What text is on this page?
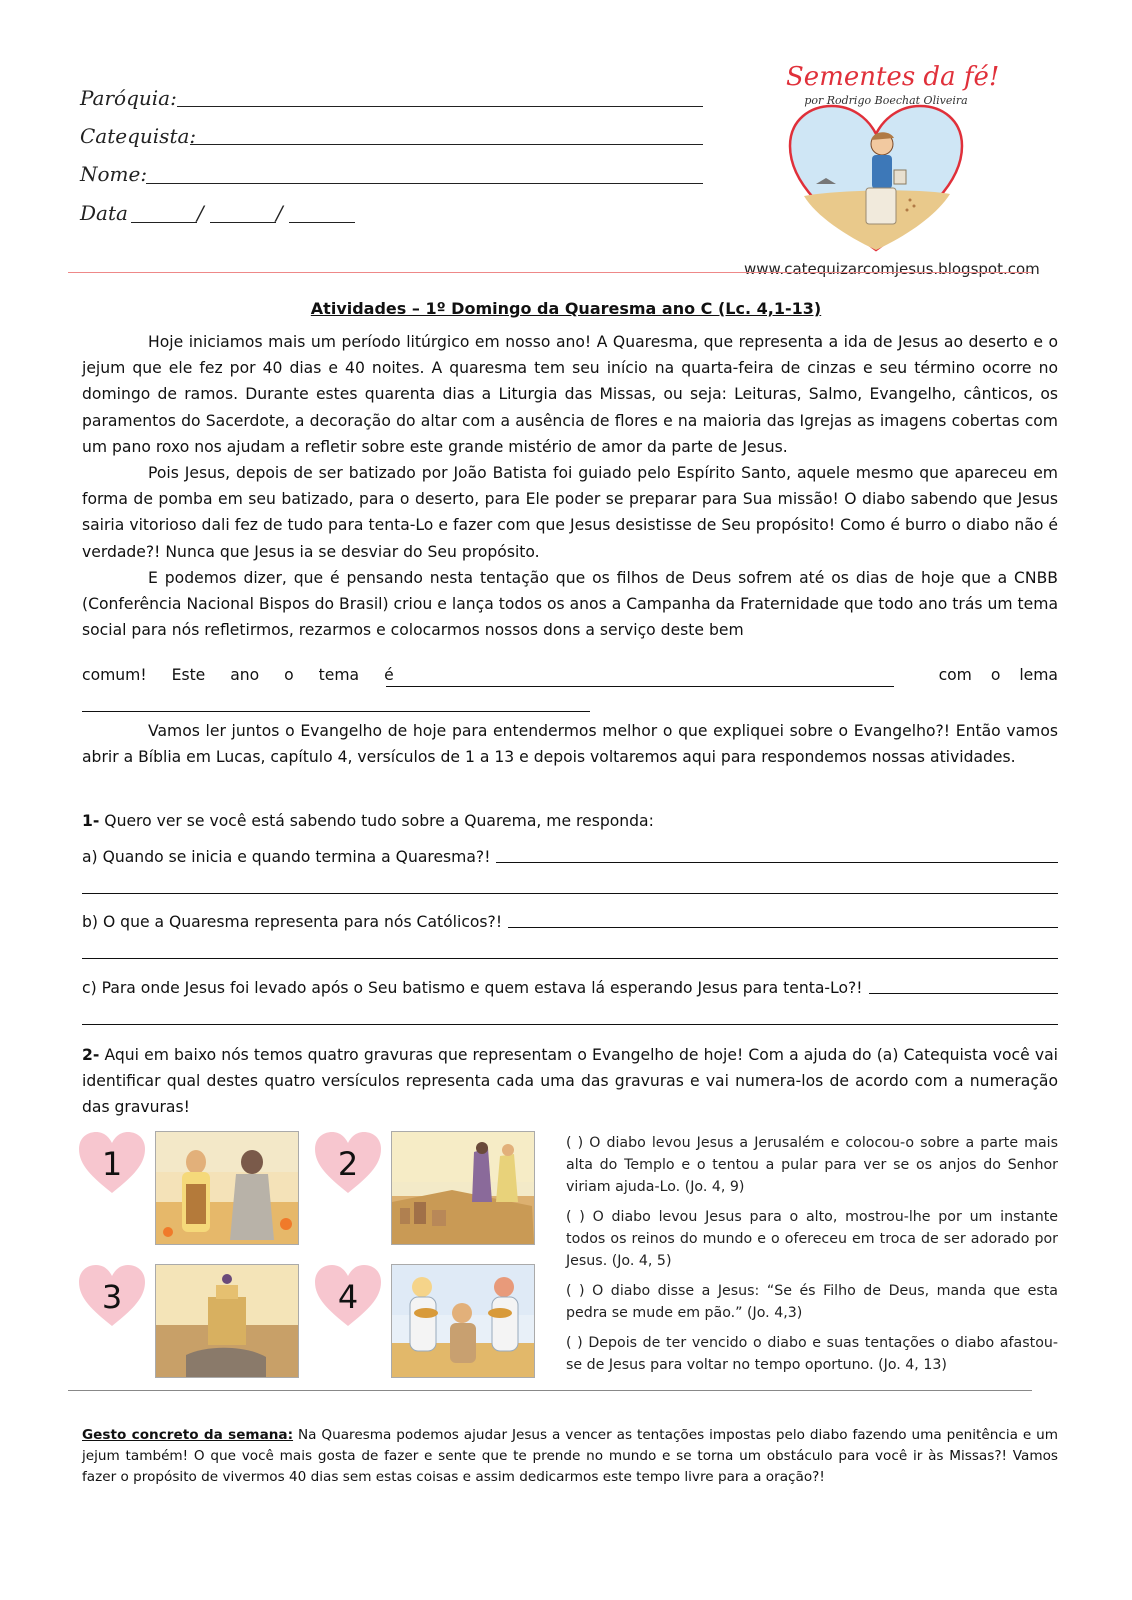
Paróquia:
Catequista:
Nome:
Data	/	/
Sementes da fé!
por Rodrigo Boechat Oliveira
www.catequizarcomjesus.blogspot.com
Atividades – 1º Domingo da Quaresma ano C (Lc. 4,1-13)

Hoje iniciamos mais um período litúrgico em nosso ano! A Quaresma, que representa a ida de Jesus ao deserto e o jejum que ele fez por 40 dias e 40 noites. A quaresma tem seu início na quarta-feira de cinzas e seu término ocorre no domingo de ramos. Durante estes quarenta dias a Liturgia das Missas, ou seja: Leituras, Salmo, Evangelho, cânticos, os paramentos do Sacerdote, a decoração do altar com a ausência de flores e na maioria das Igrejas as imagens cobertas com um pano roxo nos ajudam a refletir sobre este grande mistério de amor da parte de Jesus.

Pois Jesus, depois de ser batizado por João Batista foi guiado pelo Espírito Santo, aquele mesmo que apareceu em forma de pomba em seu batizado, para o deserto, para Ele poder se preparar para Sua missão! O diabo sabendo que Jesus sairia vitorioso dali fez de tudo para tenta-Lo e fazer com que Jesus desistisse de Seu propósito! Como é burro o diabo não é verdade?! Nunca que Jesus ia se desviar do Seu propósito.

E podemos dizer, que é pensando nesta tentação que os filhos de Deus sofrem até os dias de hoje que a CNBB (Conferência Nacional Bispos do Brasil) criou e lança todos os anos a Campanha da Fraternidade que todo ano trás um tema social para nós refletirmos, rezarmos e colocarmos nossos dons a serviço deste bem

comum! Este ano o tema é	com o lema

Vamos ler juntos o Evangelho de hoje para entendermos melhor o que expliquei sobre o Evangelho?! Então vamos abrir a Bíblia em Lucas, capítulo 4, versículos de 1 a 13 e depois voltaremos aqui para respondemos nossas atividades.

1- Quero ver se você está sabendo tudo sobre a Quarema, me responda:
a) Quando se inicia e quando termina a Quaresma?!
b) O que a Quaresma representa para nós Católicos?!
c) Para onde Jesus foi levado após o Seu batismo e quem estava lá esperando Jesus para tenta-Lo?!
2- Aqui em baixo nós temos quatro gravuras que representam o Evangelho de hoje! Com a ajuda do (a) Catequista você vai identificar qual destes quatro versículos representa cada uma das gravuras e vai numera-los de acordo com a numeração das gravuras!
1	2
3	4
( ) O diabo levou Jesus a Jerusalém e colocou-o sobre a parte mais alta do Templo e o tentou a pular para ver se os anjos do Senhor viriam ajuda-Lo. (Jo. 4, 9)
( ) O diabo levou Jesus para o alto, mostrou-lhe por um instante todos os reinos do mundo e o ofereceu em troca de ser adorado por Jesus. (Jo. 4, 5)
( ) O diabo disse a Jesus: “Se és Filho de Deus, manda que esta pedra se mude em pão.” (Jo. 4,3)
( ) Depois de ter vencido o diabo e suas tentações o diabo afastou-se de Jesus para voltar no tempo oportuno. (Jo. 4, 13)
Gesto concreto da semana: Na Quaresma podemos ajudar Jesus a vencer as tentações impostas pelo diabo fazendo uma penitência e um jejum também! O que você mais gosta de fazer e sente que te prende no mundo e se torna um obstáculo para você ir às Missas?! Vamos fazer o propósito de vivermos 40 dias sem estas coisas e assim dedicarmos este tempo livre para a oração?!
